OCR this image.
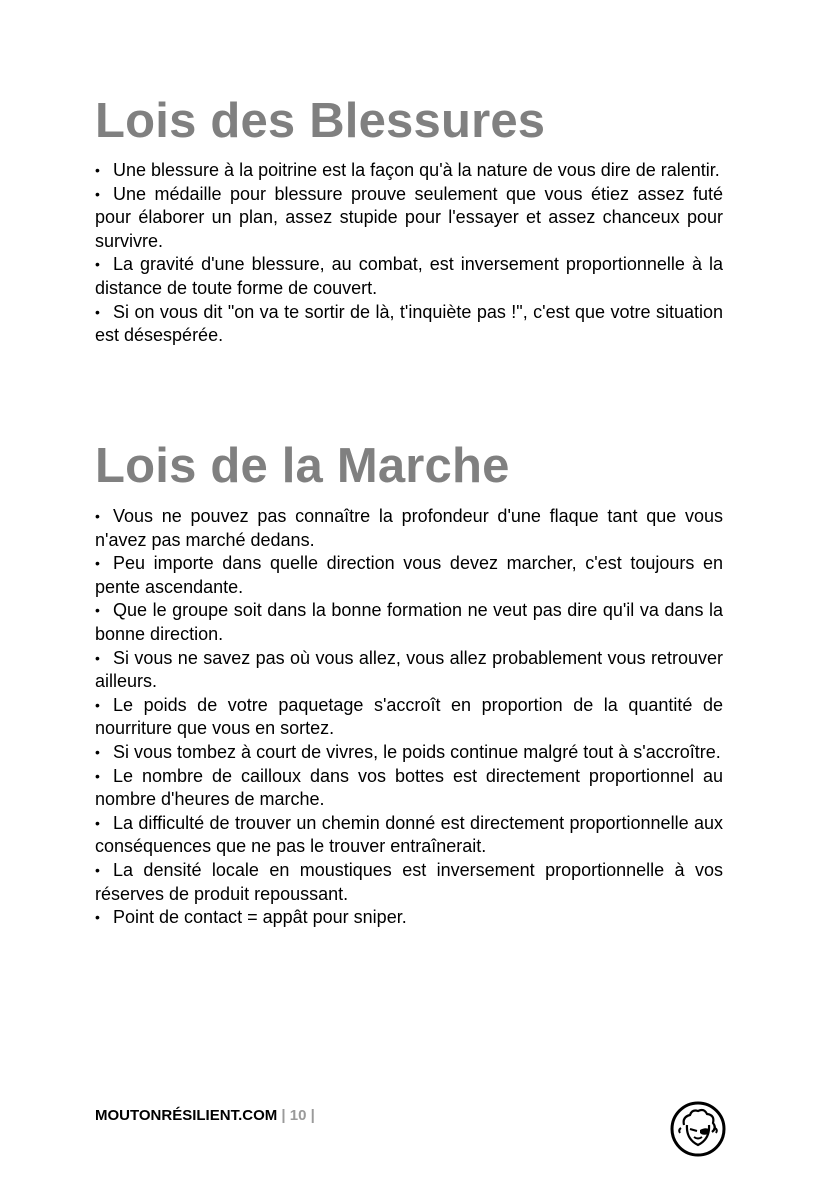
Lois des Blessures
• Une blessure à la poitrine est la façon qu'à la nature de vous dire de ralentir.
• Une médaille pour blessure prouve seulement que vous étiez assez futé pour élaborer un plan, assez stupide pour l'essayer et assez chanceux pour survivre.
• La gravité d'une blessure, au combat, est inversement proportionnelle à la distance de toute forme de couvert.
• Si on vous dit "on va te sortir de là, t'inquiète pas !", c'est que votre situation est désespérée.
Lois de la Marche
• Vous ne pouvez pas connaître la profondeur d'une flaque tant que vous n'avez pas marché dedans.
• Peu importe dans quelle direction vous devez marcher, c'est toujours en pente ascendante.
• Que le groupe soit dans la bonne formation ne veut pas dire qu'il va dans la bonne direction.
• Si vous ne savez pas où vous allez, vous allez probablement vous retrouver ailleurs.
• Le poids de votre paquetage s'accroît en proportion de la quantité de nourriture que vous en sortez.
• Si vous tombez à court de vivres, le poids continue malgré tout à s'accroître.
• Le nombre de cailloux dans vos bottes est directement proportionnel au nombre d'heures de marche.
• La difficulté de trouver un chemin donné est directement proportionnelle aux conséquences que ne pas le trouver entraînerait.
• La densité locale en moustiques est inversement proportionnelle à vos réserves de produit repoussant.
• Point de contact = appât pour sniper.
MOUTONRÉSILIENT.COM | 10 |
